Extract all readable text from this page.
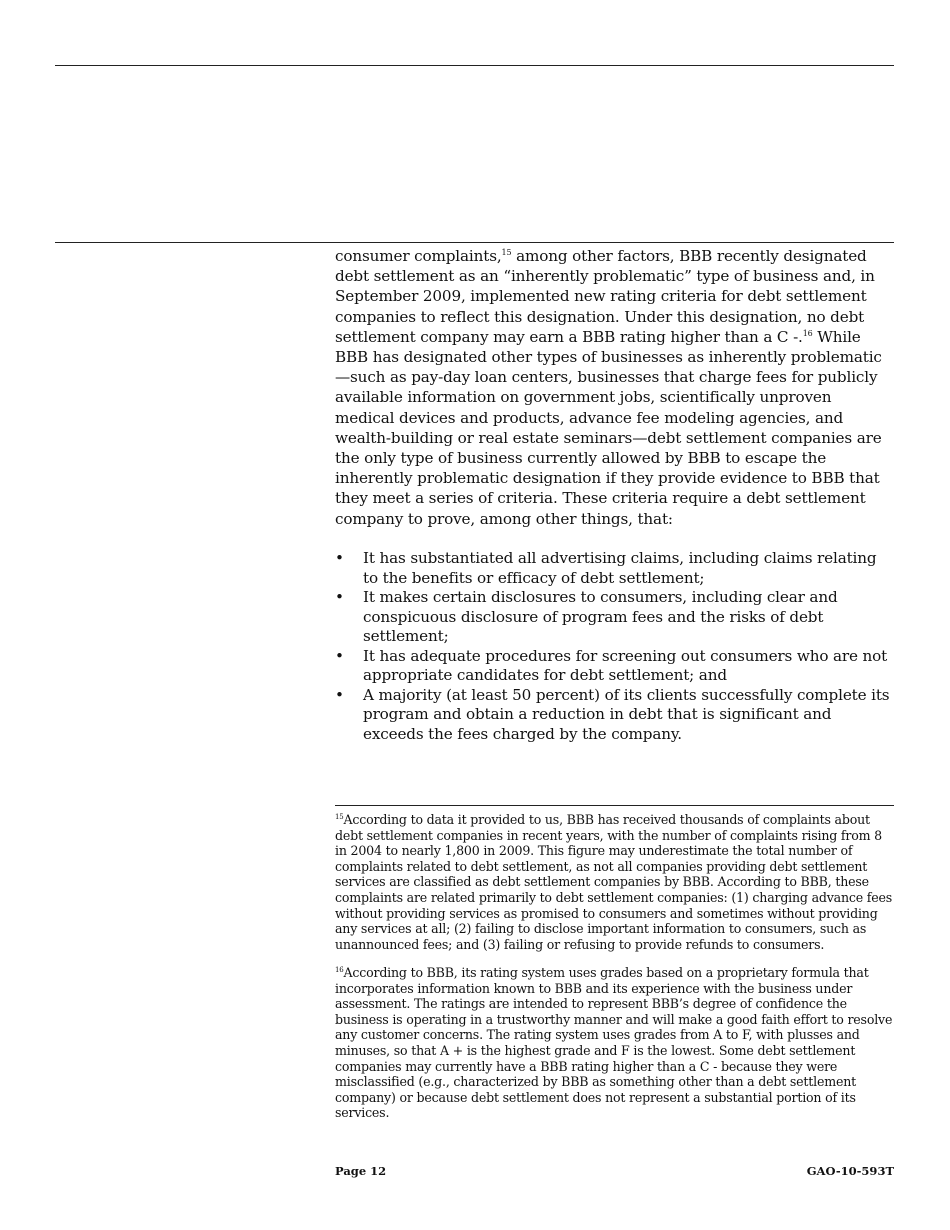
consumer complaints,$^{15}$ among other factors, BBB recently designated debt settlement as an “inherently problematic” type of business and, in September 2009, implemented new rating criteria for debt settlement companies to reflect this designation. Under this designation, no debt settlement company may earn a BBB rating higher than a C -.$^{16}$ While BBB has designated other types of businesses as inherently problematic—such as pay-day loan centers, businesses that charge fees for publicly available information on government jobs, scientifically unproven medical devices and products, advance fee modeling agencies, and wealth-building or real estate seminars—debt settlement companies are the only type of business currently allowed by BBB to escape the inherently problematic designation if they provide evidence to BBB that they meet a series of criteria. These criteria require a debt settlement company to prove, among other things, that:

• It has substantiated all advertising claims, including claims relating to the benefits or efficacy of debt settlement;
• It makes certain disclosures to consumers, including clear and conspicuous disclosure of program fees and the risks of debt settlement;
• It has adequate procedures for screening out consumers who are not appropriate candidates for debt settlement; and
• A majority (at least 50 percent) of its clients successfully complete its program and obtain a reduction in debt that is significant and exceeds the fees charged by the company.

$^{15}$According to data it provided to us, BBB has received thousands of complaints about debt settlement companies in recent years, with the number of complaints rising from 8 in 2004 to nearly 1,800 in 2009. This figure may underestimate the total number of complaints related to debt settlement, as not all companies providing debt settlement services are classified as debt settlement companies by BBB. According to BBB, these complaints are related primarily to debt settlement companies: (1) charging advance fees without providing services as promised to consumers and sometimes without providing any services at all; (2) failing to disclose important information to consumers, such as unannounced fees; and (3) failing or refusing to provide refunds to consumers.

$^{16}$According to BBB, its rating system uses grades based on a proprietary formula that incorporates information known to BBB and its experience with the business under assessment. The ratings are intended to represent BBB’s degree of confidence the business is operating in a trustworthy manner and will make a good faith effort to resolve any customer concerns. The rating system uses grades from A to F, with plusses and minuses, so that A + is the highest grade and F is the lowest. Some debt settlement companies may currently have a BBB rating higher than a C - because they were misclassified (e.g., characterized by BBB as something other than a debt settlement company) or because debt settlement does not represent a substantial portion of its services.

Page 12	GAO-10-593T
